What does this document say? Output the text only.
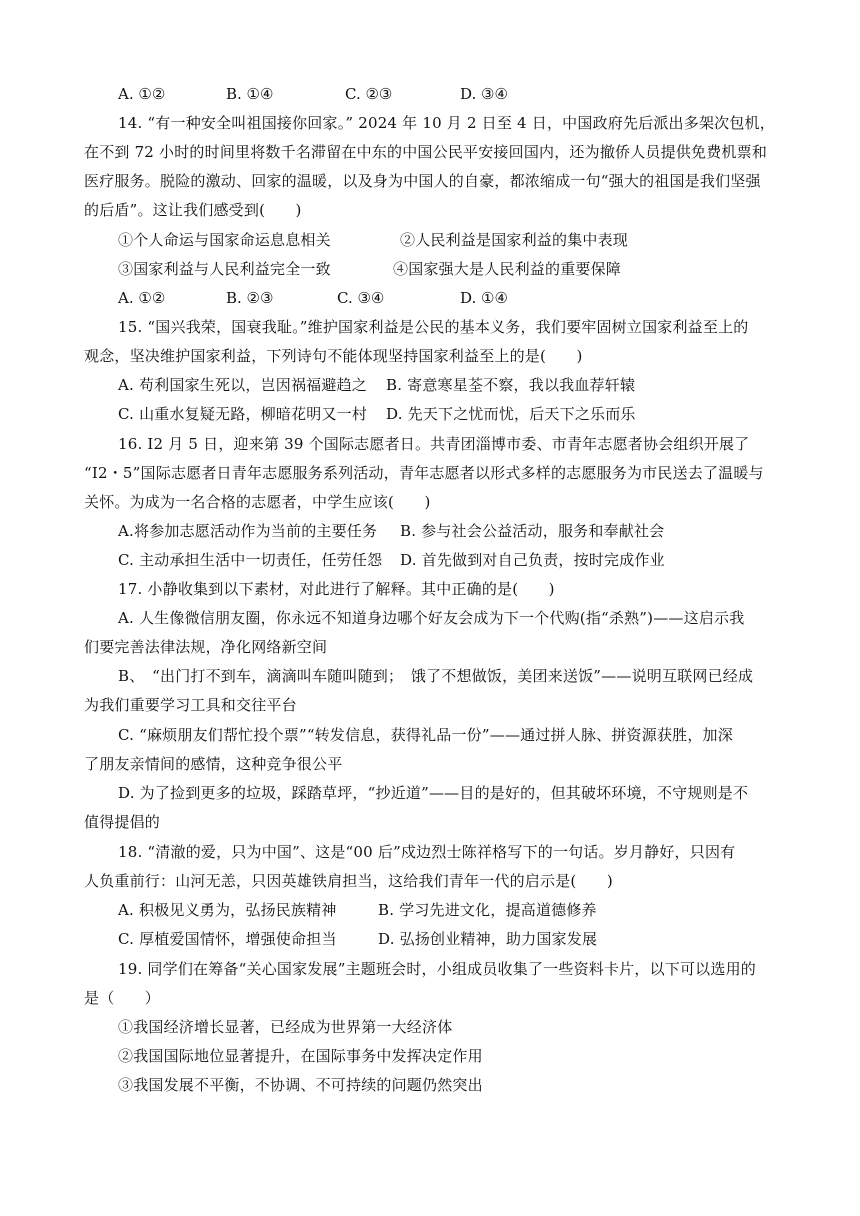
A. ①②	B. ①④	C. ②③	D. ③④
14. “有一种安全叫祖国接你回家。” 2024 年 10 月 2 日至 4 日，中国政府先后派出多架次包机，
在不到 72 小时的时间里将数千名滞留在中东的中国公民平安接回国内，还为撤侨人员提供免费机票和
医疗服务。脱险的激动、回家的温暖，以及身为中国人的自豪，都浓缩成一句“强大的祖国是我们坚强
的后盾”。这让我们感受到(　　)
①个人命运与国家命运息息相关	②人民利益是国家利益的集中表现
③国家利益与人民利益完全一致	④国家强大是人民利益的重要保障
A. ①②	B. ②③	C. ③④	D. ①④
15. “国兴我荣，国衰我耻。”维护国家利益是公民的基本义务，我们要牢固树立国家利益至上的
观念，坚决维护国家利益，下列诗句不能体现坚持国家利益至上的是(　　)
A. 苟利国家生死以，岂因祸福避趋之 B. 寄意寒星荃不察，我以我血荐轩辕
C. 山重水复疑无路，柳暗花明又一村 D. 先天下之忧而忧，后天下之乐而乐
16. I2 月 5 日，迎来第 39 个国际志愿者日。共青团淄博市委、市青年志愿者协会组织开展了
“I2・5”国际志愿者日青年志愿服务系列活动，青年志愿者以形式多样的志愿服务为市民送去了温暖与
关怀。为成为一名合格的志愿者，中学生应该(　　)
A.将参加志愿活动作为当前的主要任务 B. 参与社会公益活动，服务和奉献社会
C. 主动承担生活中一切责任，任劳任怨 D. 首先做到对自己负责，按时完成作业
17. 小静收集到以下素材，对此进行了解释。其中正确的是(　　)
A. 人生像微信朋友圈，你永远不知道身边哪个好友会成为下一个代购(指“杀熟”)——这启示我
们要完善法律法规，净化网络新空间
B、　“出门打不到车，滴滴叫车随叫随到；　饿了不想做饭，美团来送饭”——说明互联网已经成
为我们重要学习工具和交往平台
C. “麻烦朋友们帮忙投个票”“转发信息，获得礼品一份”——通过拼人脉、拼资源获胜，加深
了朋友亲情间的感情，这种竞争很公平
D. 为了捡到更多的垃圾，踩踏草坪，“抄近道”——目的是好的，但其破坏环境，不守规则是不
值得提倡的
18. “清澈的爱，只为中国”、这是“00 后”戍边烈士陈祥格写下的一句话。岁月静好，只因有
人负重前行：山河无恙，只因英雄铁肩担当，这给我们青年一代的启示是(　　)
A. 积极见义勇为，弘扬民族精神	B. 学习先进文化，提高道德修养
C. 厚植爱国情怀，增强使命担当	D. 弘扬创业精神，助力国家发展
19. 同学们在筹备“关心国家发展”主题班会时，小组成员收集了一些资料卡片，以下可以选用的
是（　　）
①我国经济增长显著，已经成为世界第一大经济体
②我国国际地位显著提升，在国际事务中发挥决定作用
③我国发展不平衡，不协调、不可持续的问题仍然突出
